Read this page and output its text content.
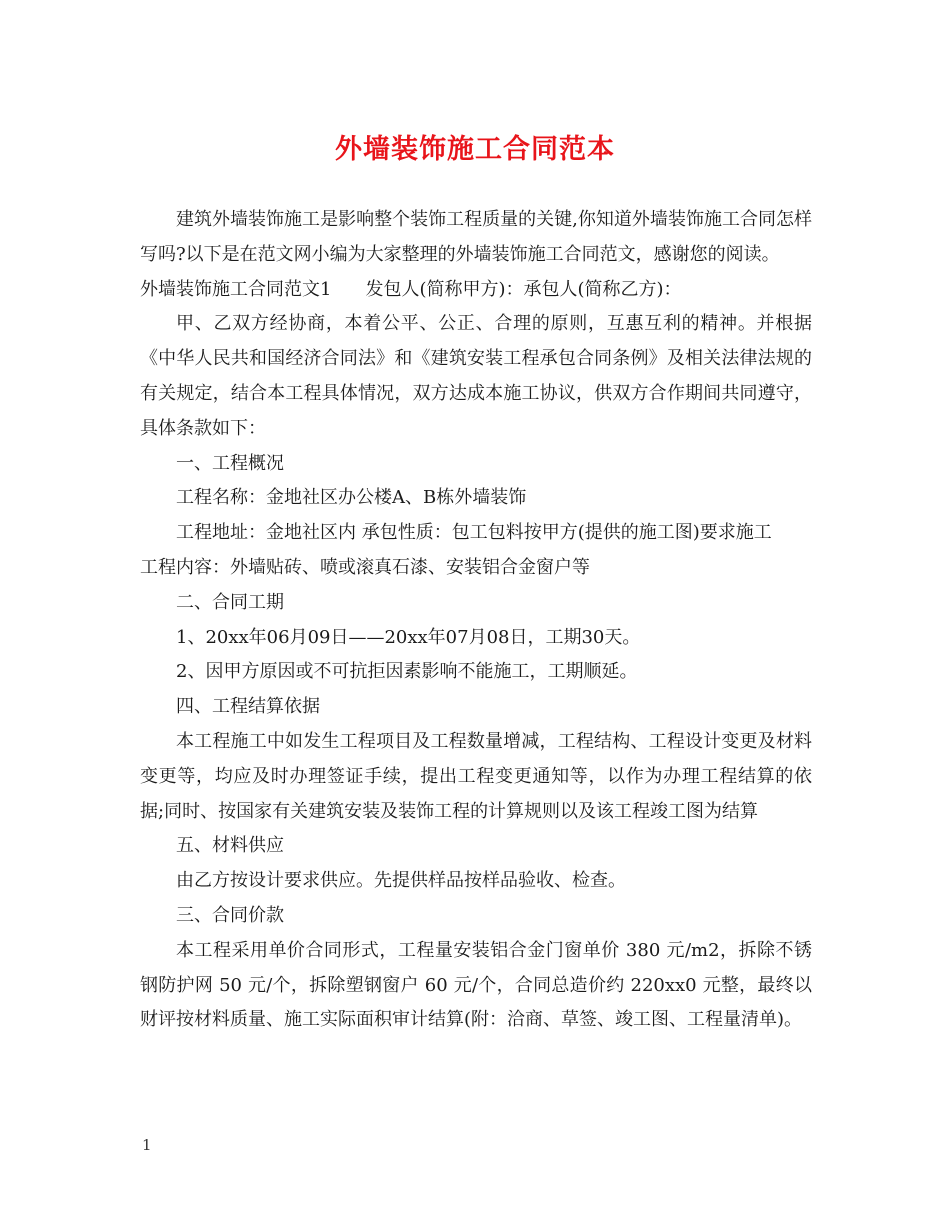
外墙装饰施工合同范本

建筑外墙装饰施工是影响整个装饰工程质量的关键,你知道外墙装饰施工合同怎样写吗?以下是在范文网小编为大家整理的外墙装饰施工合同范文，感谢您的阅读。

外墙装饰施工合同范文1 发包人(简称甲方)：承包人(简称乙方)：

甲、乙双方经协商，本着公平、公正、合理的原则，互惠互利的精神。并根据《中华人民共和国经济合同法》和《建筑安装工程承包合同条例》及相关法律法规的有关规定，结合本工程具体情况，双方达成本施工协议，供双方合作期间共同遵守，具体条款如下：

一、工程概况

工程名称：金地社区办公楼A、B栋外墙装饰

工程地址：金地社区内 承包性质：包工包料按甲方(提供的施工图)要求施工

工程内容：外墙贴砖、喷或滚真石漆、安装铝合金窗户等

二、合同工期

1、20xx年06月09日——20xx年07月08日，工期30天。

2、因甲方原因或不可抗拒因素影响不能施工，工期顺延。

四、工程结算依据

本工程施工中如发生工程项目及工程数量增减，工程结构、工程设计变更及材料变更等，均应及时办理签证手续，提出工程变更通知等，以作为办理工程结算的依据;同时、按国家有关建筑安装及装饰工程的计算规则以及该工程竣工图为结算

五、材料供应

由乙方按设计要求供应。先提供样品按样品验收、检查。

三、合同价款

本工程采用单价合同形式，工程量安装铝合金门窗单价 380 元/m2，拆除不锈钢防护网 50 元/个，拆除塑钢窗户 60 元/个，合同总造价约 220xx0 元整，最终以财评按材料质量、施工实际面积审计结算(附：洽商、草签、竣工图、工程量清单)。

1
